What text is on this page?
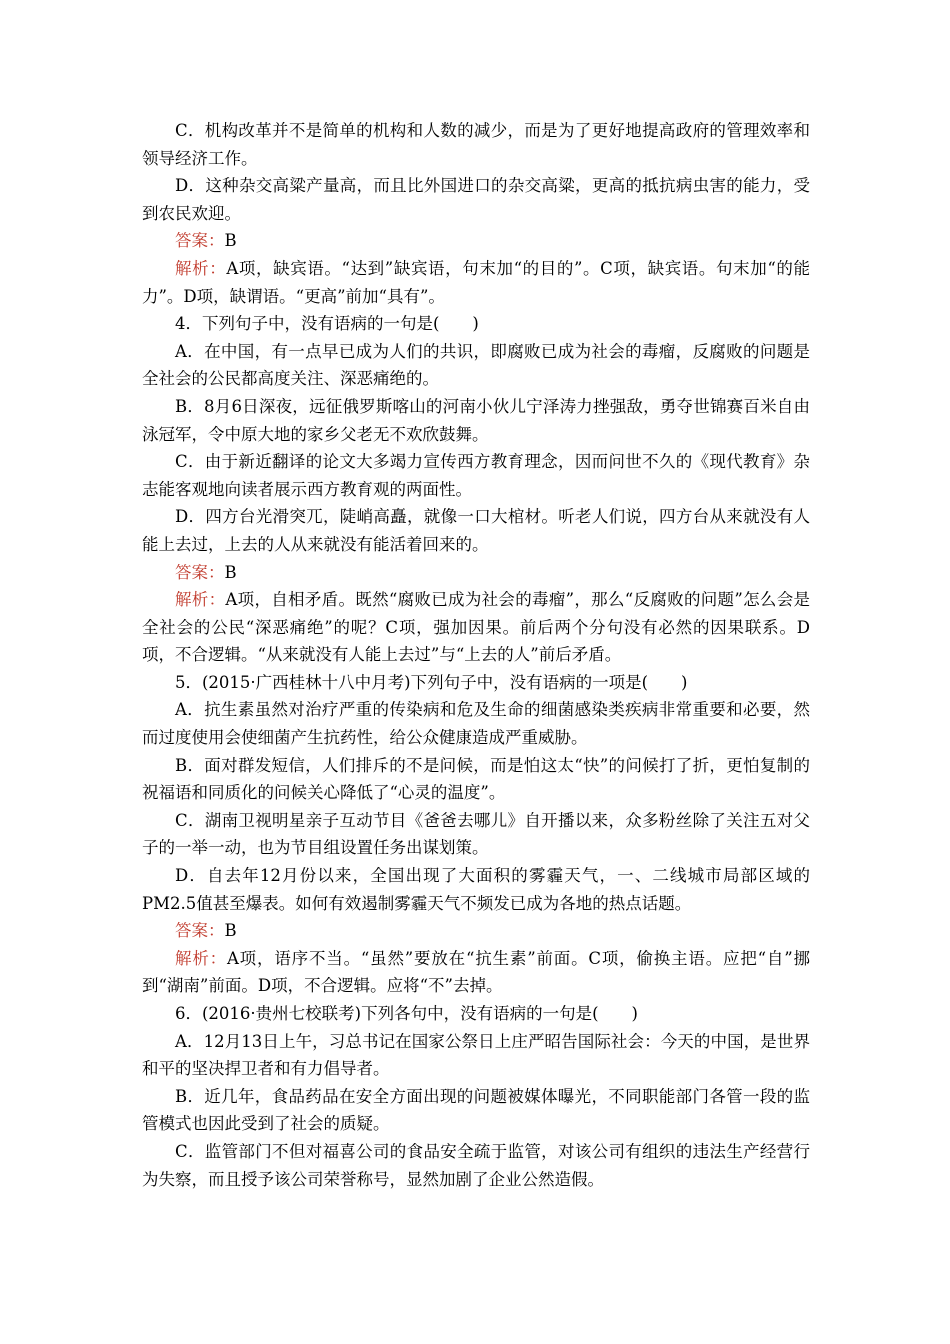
C．机构改革并不是简单的机构和人数的减少，而是为了更好地提高政府的管理效率和领导经济工作。

D．这种杂交高粱产量高，而且比外国进口的杂交高粱，更高的抵抗病虫害的能力，受到农民欢迎。

答案：B

解析：A项，缺宾语。“达到”缺宾语，句末加“的目的”。C项，缺宾语。句末加“的能力”。D项，缺谓语。“更高”前加“具有”。

4．下列句子中，没有语病的一句是(　　)

A．在中国，有一点早已成为人们的共识，即腐败已成为社会的毒瘤，反腐败的问题是全社会的公民都高度关注、深恶痛绝的。

B．8月6日深夜，远征俄罗斯喀山的河南小伙儿宁泽涛力挫强敌，勇夺世锦赛百米自由泳冠军，令中原大地的家乡父老无不欢欣鼓舞。

C．由于新近翻译的论文大多竭力宣传西方教育理念，因而问世不久的《现代教育》杂志能客观地向读者展示西方教育观的两面性。

D．四方台光滑突兀，陡峭高矗，就像一口大棺材。听老人们说，四方台从来就没有人能上去过，上去的人从来就没有能活着回来的。

答案：B

解析：A项，自相矛盾。既然“腐败已成为社会的毒瘤”，那么“反腐败的问题”怎么会是全社会的公民“深恶痛绝”的呢？C项，强加因果。前后两个分句没有必然的因果联系。D项，不合逻辑。“从来就没有人能上去过”与“上去的人”前后矛盾。

5．(2015·广西桂林十八中月考)下列句子中，没有语病的一项是(　　)

A．抗生素虽然对治疗严重的传染病和危及生命的细菌感染类疾病非常重要和必要，然而过度使用会使细菌产生抗药性，给公众健康造成严重威胁。

B．面对群发短信，人们排斥的不是问候，而是怕这太“快”的问候打了折，更怕复制的祝福语和同质化的问候关心降低了“心灵的温度”。

C．湖南卫视明星亲子互动节目《爸爸去哪儿》自开播以来，众多粉丝除了关注五对父子的一举一动，也为节目组设置任务出谋划策。

D．自去年12月份以来，全国出现了大面积的雾霾天气，一、二线城市局部区域的PM2.5值甚至爆表。如何有效遏制雾霾天气不频发已成为各地的热点话题。

答案：B

解析：A项，语序不当。“虽然”要放在“抗生素”前面。C项，偷换主语。应把“自”挪到“湖南”前面。D项，不合逻辑。应将“不”去掉。

6．(2016·贵州七校联考)下列各句中，没有语病的一句是(　　)

A．12月13日上午，习总书记在国家公祭日上庄严昭告国际社会：今天的中国，是世界和平的坚决捍卫者和有力倡导者。

B．近几年，食品药品在安全方面出现的问题被媒体曝光，不同职能部门各管一段的监管模式也因此受到了社会的质疑。

C．监管部门不但对福喜公司的食品安全疏于监管，对该公司有组织的违法生产经营行为失察，而且授予该公司荣誉称号，显然加剧了企业公然造假。
